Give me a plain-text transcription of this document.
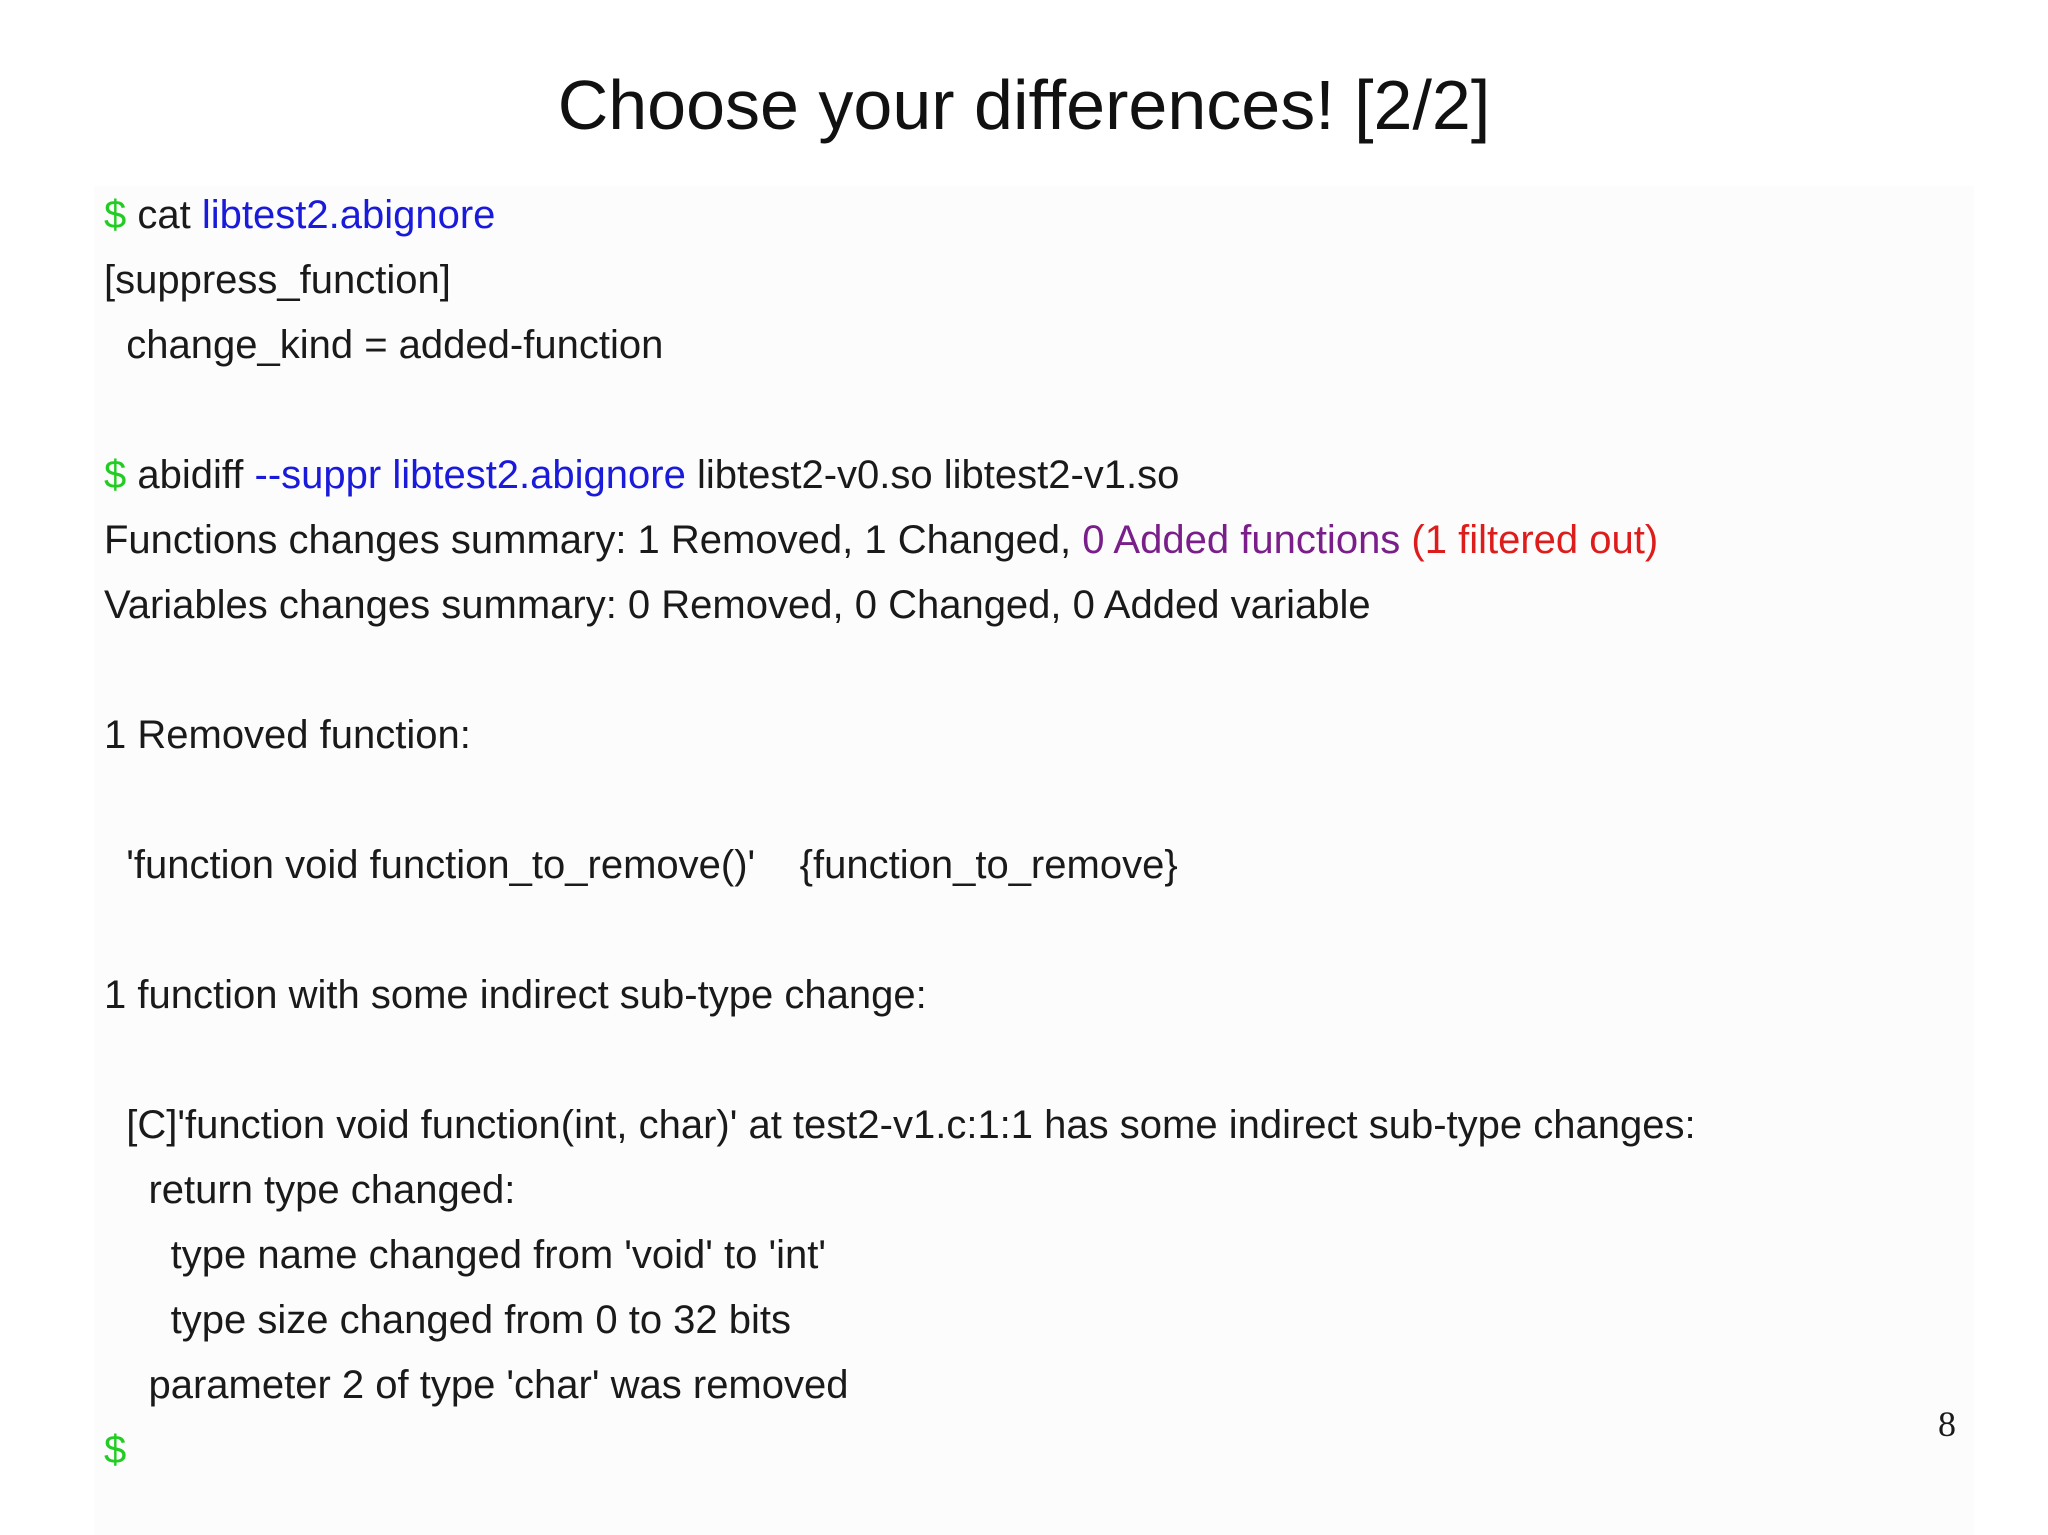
Choose your differences! [2/2]
$ cat libtest2.abignore
[suppress_function]
change_kind = added-function
$ abidiff --suppr libtest2.abignore libtest2-v0.so libtest2-v1.so
Functions changes summary: 1 Removed, 1 Changed, 0 Added functions (1 filtered out)
Variables changes summary: 0 Removed, 0 Changed, 0 Added variable
1 Removed function:
'function void function_to_remove()'    {function_to_remove}
1 function with some indirect sub-type change:
[C]'function void function(int, char)' at test2-v1.c:1:1 has some indirect sub-type changes:
return type changed:
type name changed from 'void' to 'int'
type size changed from 0 to 32 bits
parameter 2 of type 'char' was removed
$
8
